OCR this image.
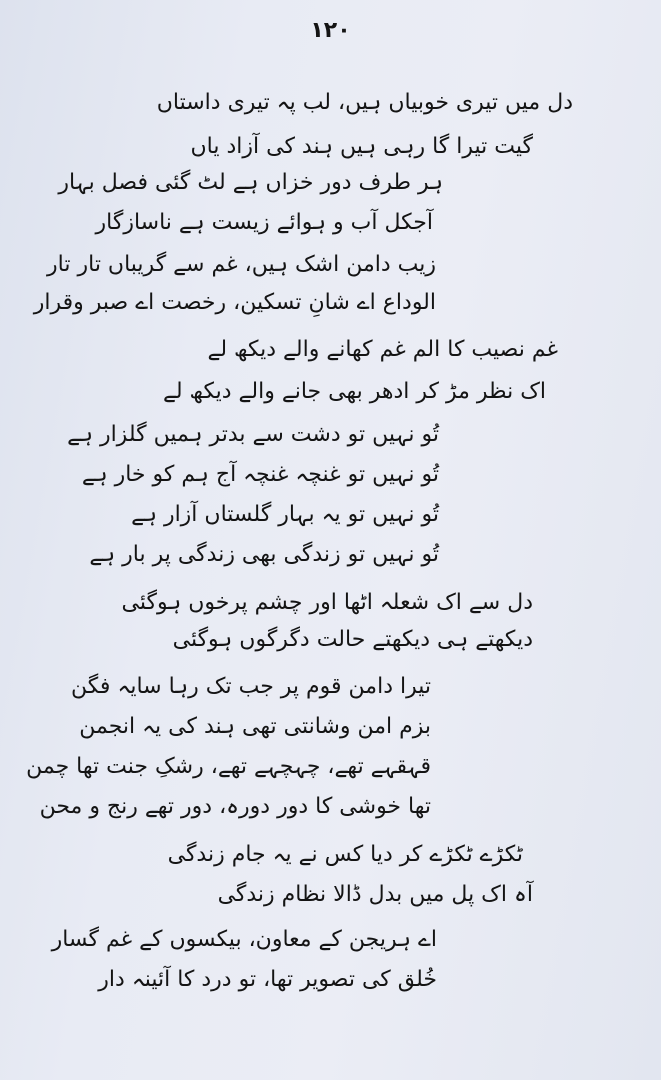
۱۲۰
دل میں تیری خوبیاں ہیں، لب پہ تیری داستاں
گیت تیرا گا رہی ہیں ہند کی آزاد یاں
ہر طرف دور خزاں ہے لٹ گئی فصل بہار
آجکل آب و ہوائے زیست ہے ناسازگار
زیب دامن اشک ہیں، غم سے گریباں تار تار
الوداع اے شانِ تسکین، رخصت اے صبر وقرار
غم نصیب کا الم غم کھانے والے دیکھ لے
اک نظر مڑ کر ادھر بھی جانے والے دیکھ لے
تُو نہیں تو دشت سے بدتر ہمیں گلزار ہے
تُو نہیں تو غنچہ غنچہ آج ہم کو خار ہے
تُو نہیں تو یہ بہار گلستاں آزار ہے
تُو نہیں تو زندگی بھی زندگی پر بار ہے
دل سے اک شعلہ اٹھا اور چشم پرخوں ہوگئی
دیکھتے ہی دیکھتے حالت دگرگوں ہوگئی
تیرا دامن قوم پر جب تک رہا سایہ فگن
بزم امن وشانتی تھی ہند کی یہ انجمن
قہقہے تھے، چہچہے تھے، رشکِ جنت تھا چمن
تھا خوشی کا دور دورہ، دور تھے رنج و محن
ٹکڑے ٹکڑے کر دیا کس نے یہ جام زندگی
آہ اک پل میں بدل ڈالا نظام زندگی
اے ہریجن کے معاون، بیکسوں کے غم گسار
خُلق کی تصویر تھا، تو درد کا آئینہ دار
